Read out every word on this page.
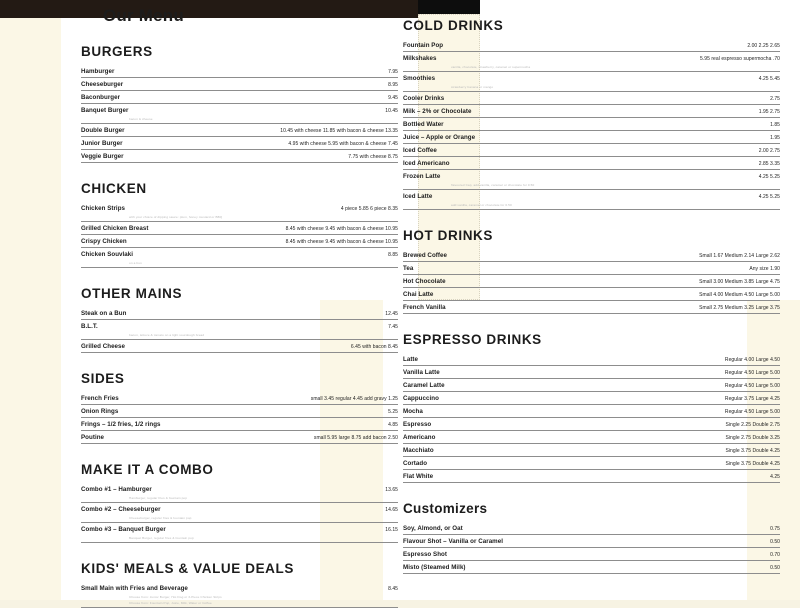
Our Menu
BURGERS
Hamburger	7.95
Cheeseburger	8.95
Baconburger	9.45
Banquet Burger	10.45
bacon & cheese
Double Burger	10.45 with cheese 11.85 with bacon & cheese 13.35
Junior Burger	4.95 with cheese 5.95 with bacon & cheese 7.45
Veggie Burger	7.75 with cheese 8.75
CHICKEN
Chicken Strips	4 piece 5.85 6 piece 8.35
with your choice of dipping sauce: plum, honey mustard or BBQ
Grilled Chicken Breast	8.45 with cheese 9.45 with bacon & cheese 10.95
Crispy Chicken	8.45 with cheese 9.45 with bacon & cheese 10.95
Chicken Souvlaki	8.85
on a bun
OTHER MAINS
Steak on a Bun	12.45
B.L.T.	7.45
bacon, lettuce & tomato on a light sourdough bread
Grilled Cheese	6.45 with bacon 8.45
SIDES
French Fries	small 3.45 regular 4.45 add gravy 1.25
Onion Rings	5.25
Frings – 1/2 fries, 1/2 rings	4.85
Poutine	small 5.95 large 8.75 add bacon 2.50
MAKE IT A COMBO
Combo #1 – Hamburger	13.65
Hamburger, regular fries & fountain pop
Combo #2 – Cheeseburger	14.65
Cheeseburger, regular fries & fountain pop
Combo #3 – Banquet Burger	16.15
Banquet Burger, regular fries & fountain pop
KIDS' MEALS & VALUE DEALS
Small Main with Fries and Beverage	8.45
Choose from: Junior Burger, Hot Dog or 3-Piece Chicken Strips
Choose from: Fountain Pop, Juice, Milk, Water or Coffee
COLD DRINKS
Fountain Pop	2.00 2.25 2.65
Milkshakes	5.95 real espresso supermocha .70
vanilla, chocolate, strawberry, caramel or supermocha
Smoothies	4.25 5.45
strawberry banana or mango
Cooler Drinks	2.75
Milk – 2% or Chocolate	1.95 2.75
Bottled Water	1.85
Juice – Apple or Orange	1.95
Iced Coffee	2.00 2.75
Iced Americano	2.85 3.35
Frozen Latte	4.25 5.25
flavoured Cap, add vanilla, caramel or chocolate for 0.50
Iced Latte	4.25 5.25
add vanilla, caramel or chocolate for 0.50
HOT DRINKS
Brewed Coffee	Small 1.67 Medium 2.14 Large 2.62
Tea	Any size 1.90
Hot Chocolate	Small 3.00 Medium 3.85 Large 4.75
Chai Latte	Small 4.00 Medium 4.50 Large 5.00
French Vanilla	Small 2.75 Medium 3.25 Large 3.75
ESPRESSO DRINKS
Latte	Regular 4.00 Large 4.50
Vanilla Latte	Regular 4.50 Large 5.00
Caramel Latte	Regular 4.50 Large 5.00
Cappuccino	Regular 3.75 Large 4.25
Mocha	Regular 4.50 Large 5.00
Espresso	Single 2.25 Double 2.75
Americano	Single 2.75 Double 3.25
Macchiato	Single 3.75 Double 4.25
Cortado	Single 3.75 Double 4.25
Flat White	4.25
Customizers
Soy, Almond, or Oat	0.75
Flavour Shot – Vanilla or Caramel	0.50
Espresso Shot	0.70
Misto (Steamed Milk)	0.50
